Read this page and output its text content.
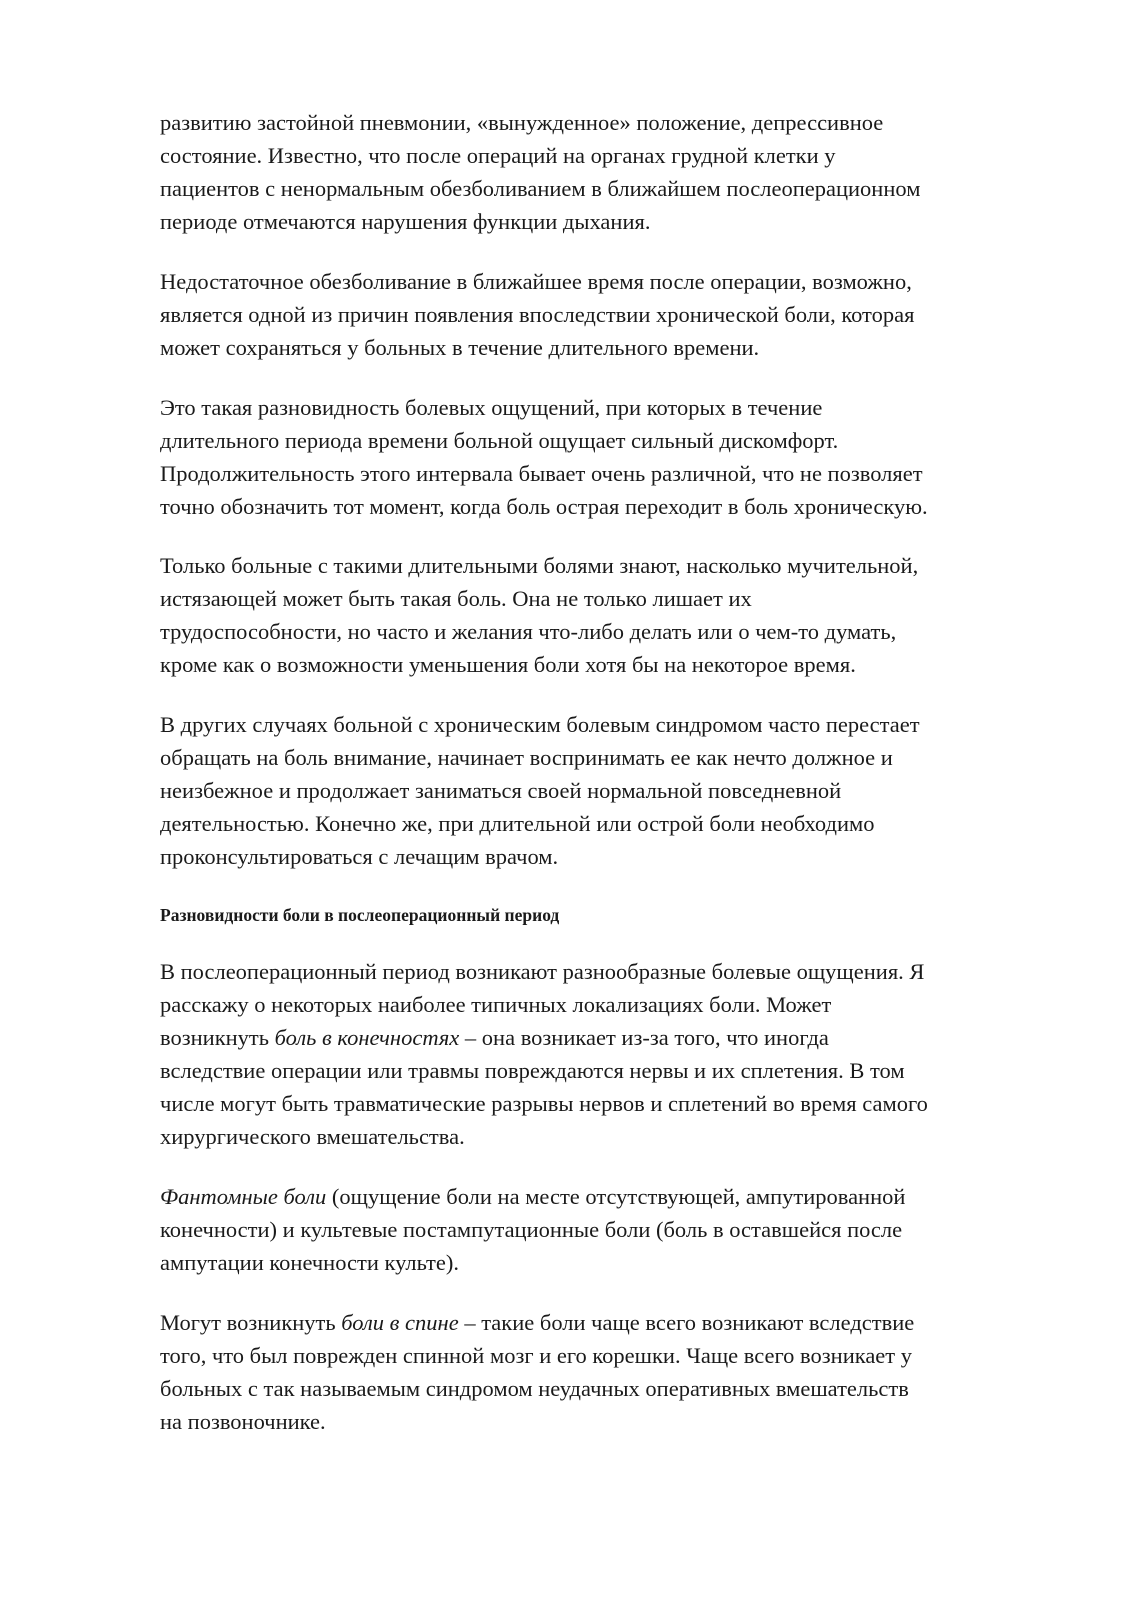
развитию застойной пневмонии, «вынужденное» положение, депрессивное

состояние. Известно, что после операций на органах грудной клетки у

пациентов с ненормальным обезболиванием в ближайшем послеоперационном

периоде отмечаются нарушения функции дыхания.

Недостаточное обезболивание в ближайшее время после операции, возможно,

является одной из причин появления впоследствии хронической боли, которая

может сохраняться у больных в течение длительного времени.

Это такая разновидность болевых ощущений, при которых в течение

длительного периода времени больной ощущает сильный дискомфорт.

Продолжительность этого интервала бывает очень различной, что не позволяет

точно обозначить тот момент, когда боль острая переходит в боль хроническую.

Только больные с такими длительными болями знают, насколько мучительной,

истязающей может быть такая боль. Она не только лишает их

трудоспособности, но часто и желания что-либо делать или о чем-то думать,

кроме как о возможности уменьшения боли хотя бы на некоторое время.

В других случаях больной с хроническим болевым синдромом часто перестает

обращать на боль внимание, начинает воспринимать ее как нечто должное и

неизбежное и продолжает заниматься своей нормальной повседневной

деятельностью. Конечно же, при длительной или острой боли необходимо

проконсультироваться с лечащим врачом.

Разновидности боли в послеоперационный период

В послеоперационный период возникают разнообразные болевые ощущения. Я

расскажу о некоторых наиболее типичных локализациях боли. Может

возникнуть боль в конечностях – она возникает из-за того, что иногда

вследствие операции или травмы повреждаются нервы и их сплетения. В том

числе могут быть травматические разрывы нервов и сплетений во время самого

хирургического вмешательства.

Фантомные боли (ощущение боли на месте отсутствующей, ампутированной

конечности) и культевые постампутационные боли (боль в оставшейся после

ампутации конечности культе).

Могут возникнуть боли в спине – такие боли чаще всего возникают вследствие

того, что был поврежден спинной мозг и его корешки. Чаще всего возникает у

больных с так называемым синдромом неудачных оперативных вмешательств

на позвоночнике.
